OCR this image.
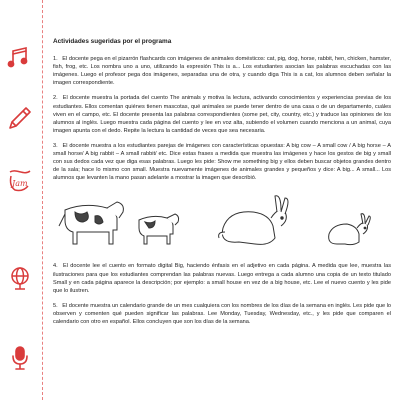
Jam
Actividades sugeridas por el programa

1. El docente pega en el pizarrón flashcards con imágenes de animales domésticos: cat, pig, dog, horse, rabbit, hen, chicken, hamster, fish, frog, etc. Los nombra uno a uno, utilizando la expresión This is a... Los estudiantes asocian las palabras escuchadas con las imágenes. Luego el profesor pega dos imágenes, separadas una de otra, y cuando diga This is a cat, los alumnos deben señalar la imagen correspondiente.

2. El docente muestra la portada del cuento The animals y motiva la lectura, activando conocimientos y experiencias previas de los estudiantes. Ellos comentan quiénes tienen mascotas, qué animales se puede tener dentro de una casa o de un departamento, cuáles viven en el campo, etc. El docente presenta las palabras correspondientes (some pet, city, country, etc.) y traduce las opiniones de los alumnos al inglés. Luego muestra cada página del cuento y lee en voz alta, subiendo el volumen cuando menciona a un animal, cuya imagen apunta con el dedo. Repite la lectura la cantidad de veces que sea necesaria.

3. El docente muestra a los estudiantes parejas de imágenes con características opuestas: A big cow – A small cow / A big horse – A small horse/ A big rabbit – A small rabbit/ etc. Dice estas frases a medida que muestra las imágenes y hace los gestos de big y small con sus dedos cada vez que diga esas palabras. Luego les pide: Show me something big y ellos deben buscar objetos grandes dentro de la sala; hace lo mismo con small. Muestra nuevamente imágenes de animales grandes y pequeños y dice: A big... A small... Los alumnos que levanten la mano pasan adelante a mostrar la imagen que describió.

4. El docente lee el cuento en formato digital Big, haciendo énfasis en el adjetivo en cada página. A medida que lee, muestra las ilustraciones para que los estudiantes comprendan las palabras nuevas. Luego entrega a cada alumno una copia de un texto titulado Small y en cada página aparece la descripción; por ejemplo: a small house en vez de a big house, etc. Lee el nuevo cuento y les pide que lo ilustren.

5. El docente muestra un calendario grande de un mes cualquiera con los nombres de los días de la semana en inglés. Les pide que lo observen y comenten qué pueden significar las palabras. Lee Monday, Tuesday, Wednesday, etc., y les pide que comparen el calendario con otro en español. Ellos concluyen que son los días de la semana.
